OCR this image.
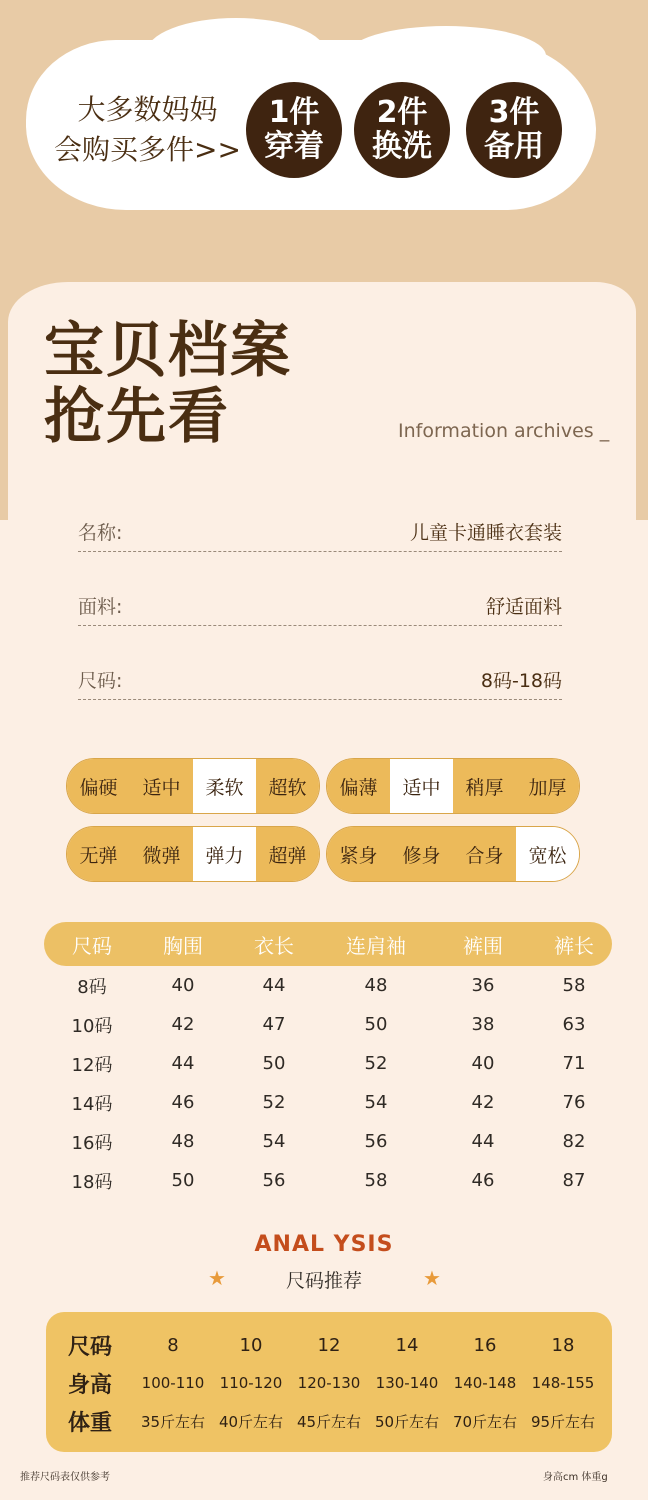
大多数妈妈
会购买多件>>
1件
穿着
2件
换洗
3件
备用
宝贝档案
抢先看	Information archives _
名称:	儿童卡通睡衣套装
面料:	舒适面料
尺码:	8码-18码
偏硬	适中	柔软	超软	偏薄	适中	稍厚	加厚
无弹	微弹	弹力	超弹	紧身	修身	合身	宽松
尺码	胸围	衣长	连肩袖	裤围	裤长
8码	40	44	48	36	58
10码	42	47	50	38	63
12码	44	50	52	40	71
14码	46	52	54	42	76
16码	48	54	56	44	82
18码	50	56	58	46	87
ANAL YSIS
★	尺码推荐	★
尺码	8	10	12	14	16	18
身高	100-110	110-120	120-130	130-140	140-148	148-155
体重	35斤左右 40斤左右 45斤左右 50斤左右 70斤左右 95斤左右
推荐尺码表仅供参考	身高cm 体重g
